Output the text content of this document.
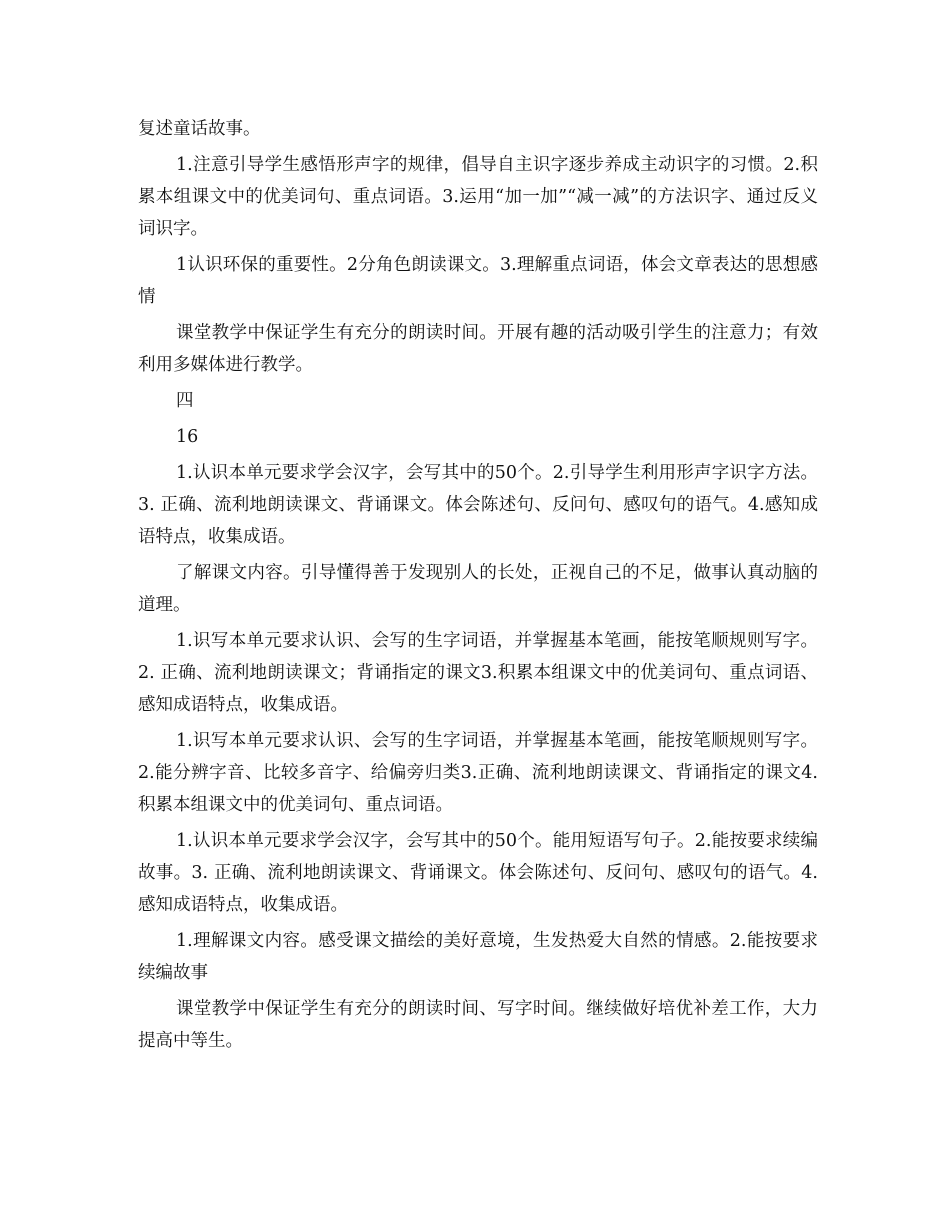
复述童话故事。

1.注意引导学生感悟形声字的规律，倡导自主识字逐步养成主动识字的习惯。2.积累本组课文中的优美词句、重点词语。3.运用“加一加”“减一减”的方法识字、通过反义词识字。

1认识环保的重要性。2分角色朗读课文。3.理解重点词语，体会文章表达的思想感情

课堂教学中保证学生有充分的朗读时间。开展有趣的活动吸引学生的注意力；有效利用多媒体进行教学。

四

16

1.认识本单元要求学会汉字，会写其中的50个。2.引导学生利用形声字识字方法。3. 正确、流利地朗读课文、背诵课文。体会陈述句、反问句、感叹句的语气。4.感知成语特点，收集成语。

了解课文内容。引导懂得善于发现别人的长处，正视自己的不足，做事认真动脑的道理。

1.识写本单元要求认识、会写的生字词语，并掌握基本笔画，能按笔顺规则写字。2. 正确、流利地朗读课文；背诵指定的课文3.积累本组课文中的优美词句、重点词语、感知成语特点，收集成语。

1.识写本单元要求认识、会写的生字词语，并掌握基本笔画，能按笔顺规则写字。2.能分辨字音、比较多音字、给偏旁归类3.正确、流利地朗读课文、背诵指定的课文4.积累本组课文中的优美词句、重点词语。

1.认识本单元要求学会汉字，会写其中的50个。能用短语写句子。2.能按要求续编故事。3. 正确、流利地朗读课文、背诵课文。体会陈述句、反问句、感叹句的语气。4.感知成语特点，收集成语。

1.理解课文内容。感受课文描绘的美好意境，生发热爱大自然的情感。2.能按要求续编故事

课堂教学中保证学生有充分的朗读时间、写字时间。继续做好培优补差工作，大力提高中等生。
